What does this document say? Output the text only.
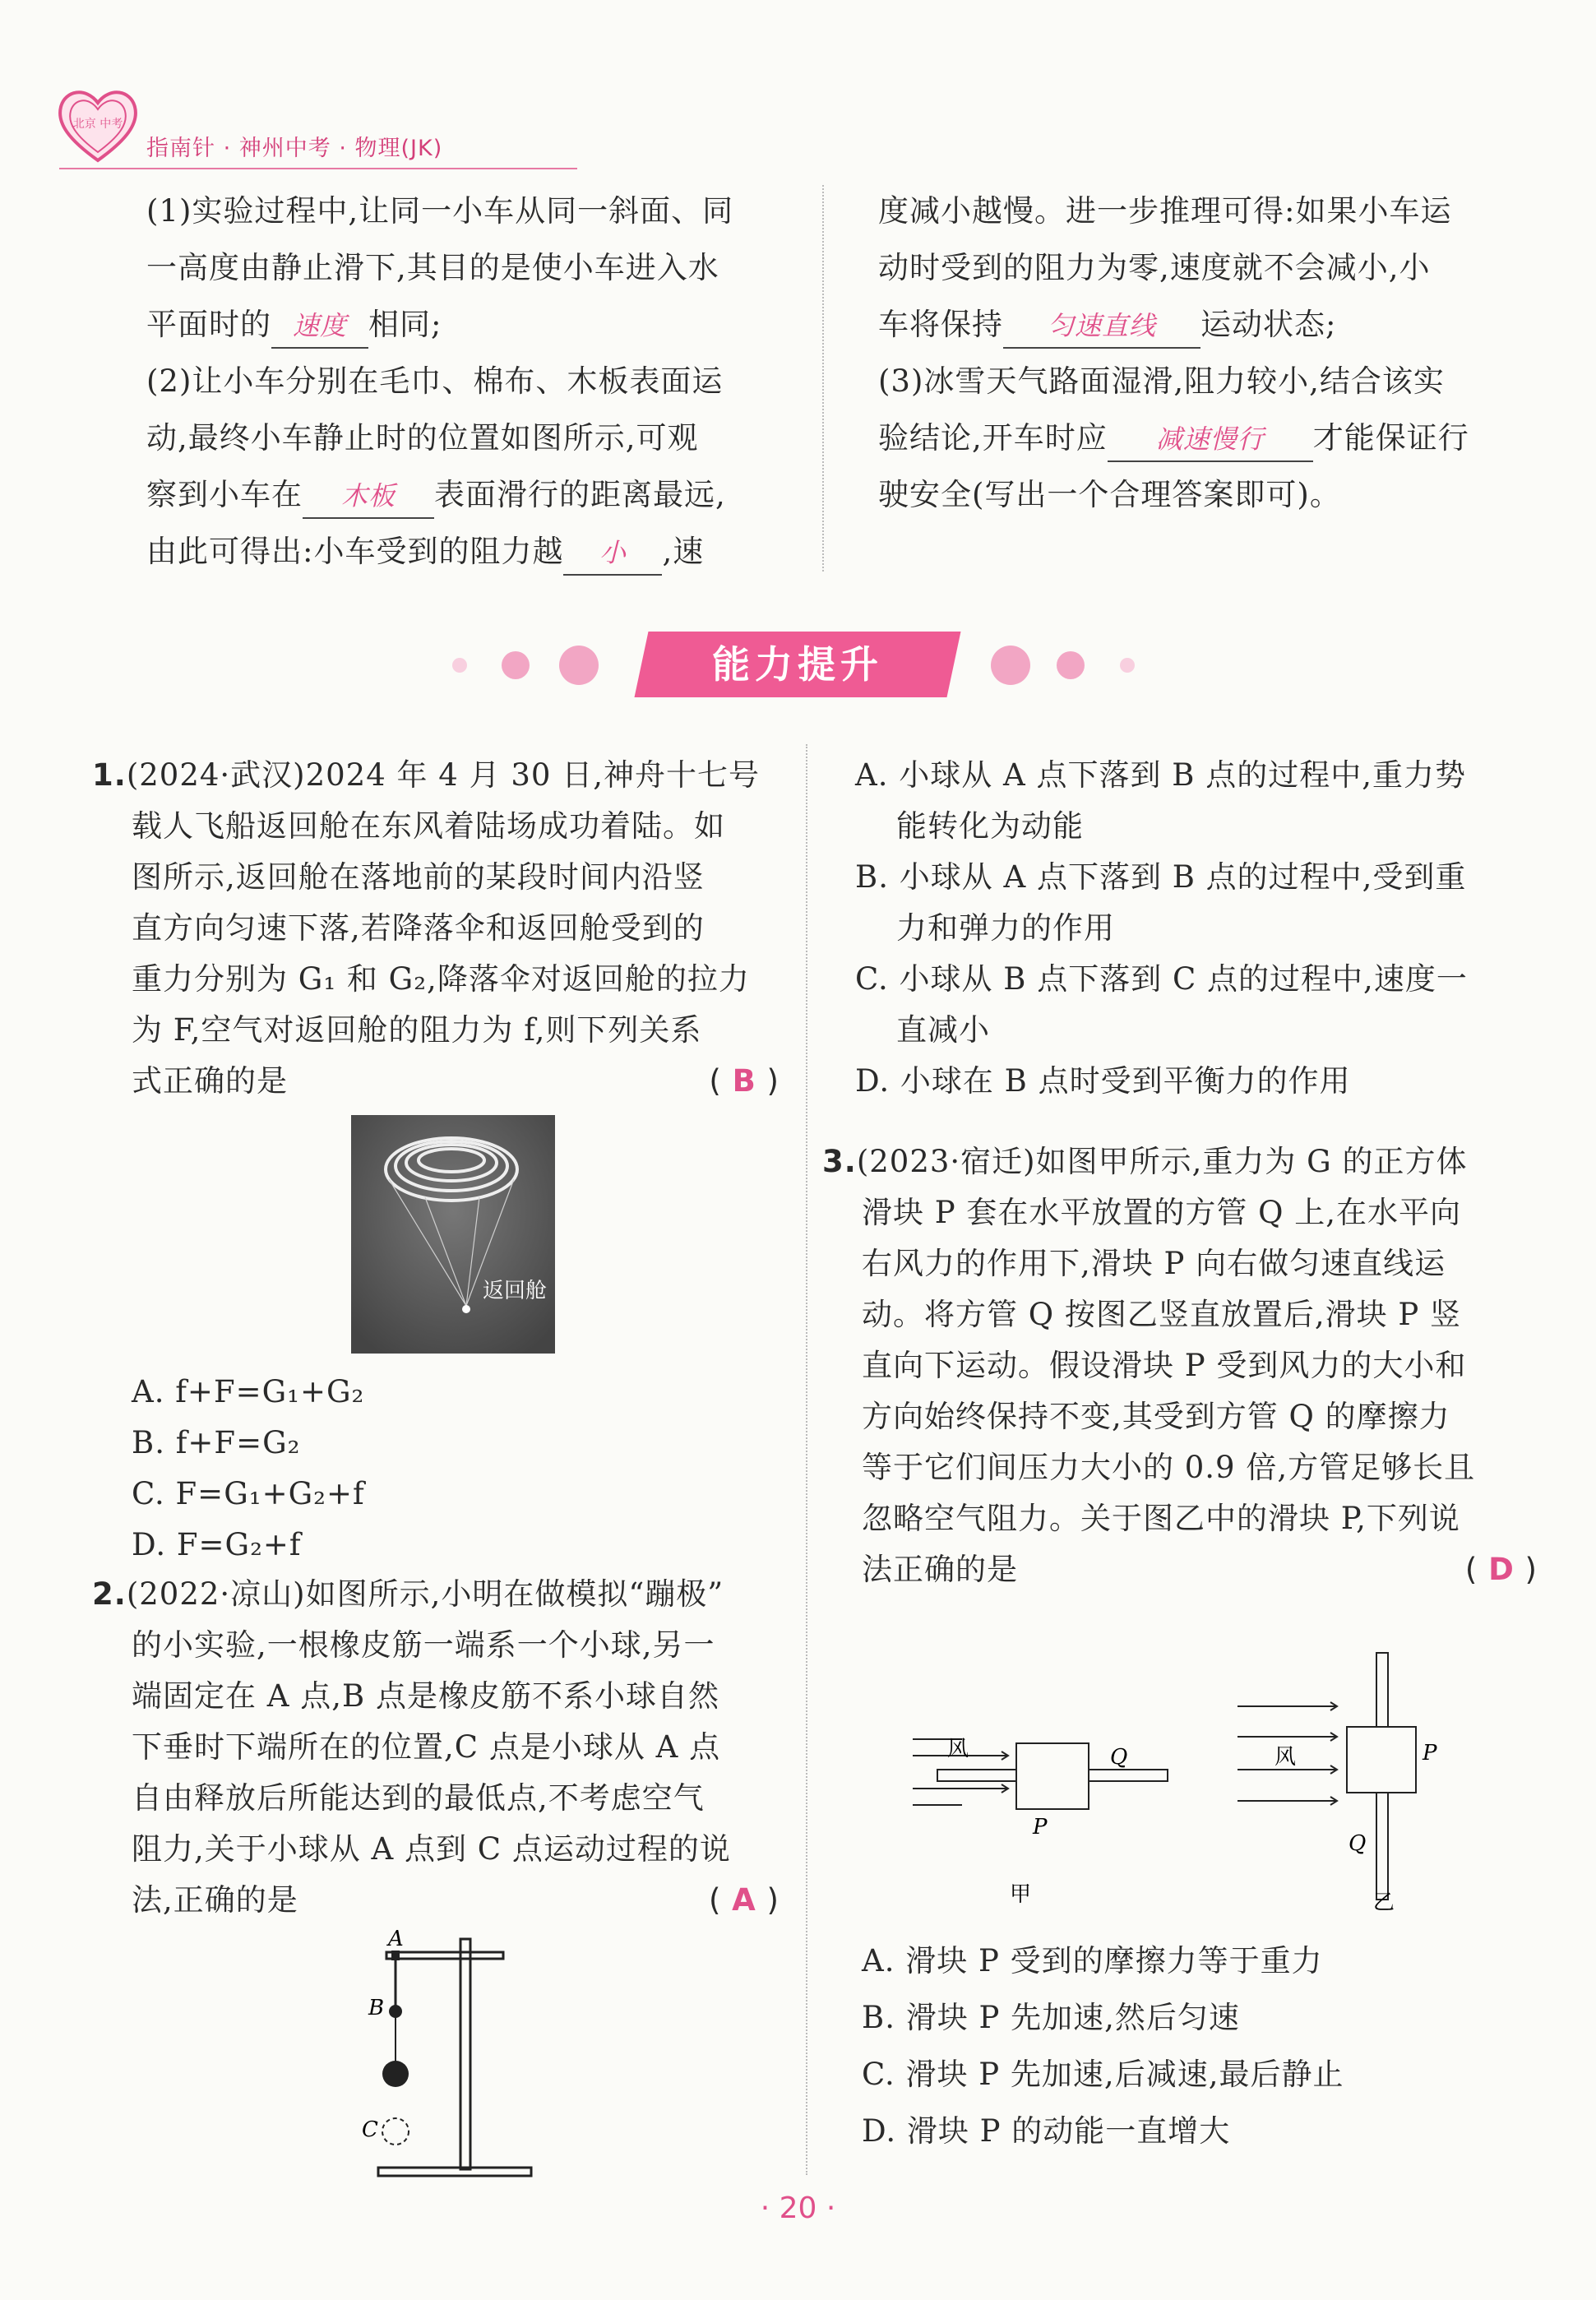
北京 中考
指南针 · 神州中考 · 物理(JK)

(1)实验过程中,让同一小车从同一斜面、同

一高度由静止滑下,其目的是使小车进入水

平面时的 速度 相同;

(2)让小车分别在毛巾、棉布、木板表面运

动,最终小车静止时的位置如图所示,可观

察到小车在 木板 表面滑行的距离最远,

由此可得出:小车受到的阻力越 小 ,速

度减小越慢。进一步推理可得:如果小车运

动时受到的阻力为零,速度就不会减小,小

车将保持 匀速直线 运动状态;

(3)冰雪天气路面湿滑,阻力较小,结合该实

验结论,开车时应 减速慢行 才能保证行

驶安全(写出一个合理答案即可)。

能力提升

1.(2024·武汉)2024 年 4 月 30 日,神舟十七号

载人飞船返回舱在东风着陆场成功着陆。如

图所示,返回舱在落地前的某段时间内沿竖

直方向匀速下落,若降落伞和返回舱受到的

重力分别为 G₁ 和 G₂,降落伞对返回舱的拉力

为 F,空气对返回舱的阻力为 f,则下列关系

式正确的是	( B )

返回舱

A. f+F=G₁+G₂

B. f+F=G₂

C. F=G₁+G₂+f

D. F=G₂+f

2.(2022·凉山)如图所示,小明在做模拟“蹦极”

的小实验,一根橡皮筋一端系一个小球,另一

端固定在 A 点,B 点是橡皮筋不系小球自然

下垂时下端所在的位置,C 点是小球从 A 点

自由释放后所能达到的最低点,不考虑空气

阻力,关于小球从 A 点到 C 点运动过程的说

法,正确的是	( A )

A
B
C

A. 小球从 A 点下落到 B 点的过程中,重力势

能转化为动能

B. 小球从 A 点下落到 B 点的过程中,受到重

力和弹力的作用

C. 小球从 B 点下落到 C 点的过程中,速度一

直减小

D. 小球在 B 点时受到平衡力的作用

3.(2023·宿迁)如图甲所示,重力为 G 的正方体

滑块 P 套在水平放置的方管 Q 上,在水平向

右风力的作用下,滑块 P 向右做匀速直线运

动。将方管 Q 按图乙竖直放置后,滑块 P 竖

直向下运动。假设滑块 P 受到风力的大小和

方向始终保持不变,其受到方管 Q 的摩擦力

等于它们间压力大小的 0.9 倍,方管足够长且

忽略空气阻力。关于图乙中的滑块 P,下列说

法正确的是	( D )

风	Q
P
甲
风	P
Q
乙

A. 滑块 P 受到的摩擦力等于重力

B. 滑块 P 先加速,然后匀速

C. 滑块 P 先加速,后减速,最后静止

D. 滑块 P 的动能一直增大

· 20 ·
